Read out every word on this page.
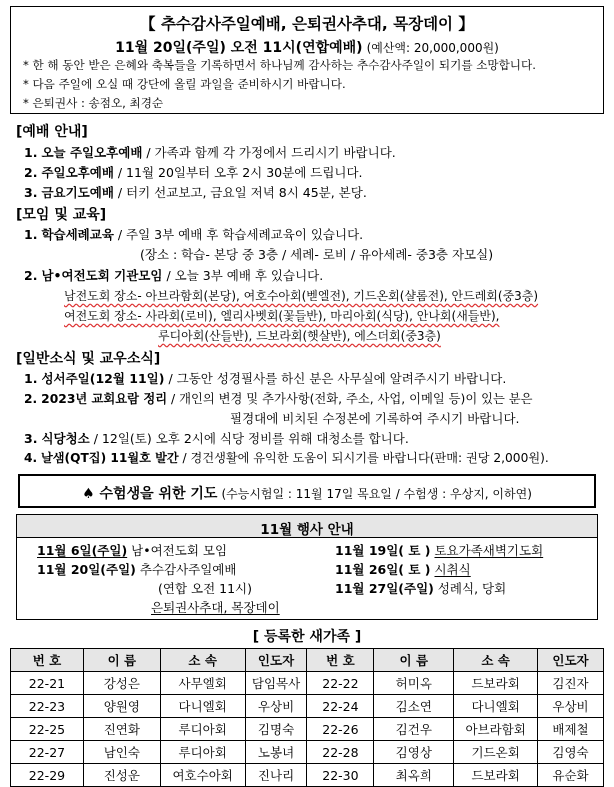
【 추수감사주일예배, 은퇴권사추대, 목장데이 】
11월 20일(주일) 오전 11시(연합예배) (예산액: 20,000,000원)
* 한 해 동안 받은 은혜와 축복들을 기록하면서 하나님께 감사하는 추수감사주일이 되기를 소망합니다.
* 다음 주일에 오실 때 강단에 올릴 과일을 준비하시기 바랍니다.
* 은퇴권사 : 송점오, 최경순
[예배 안내]
1. 오늘 주일오후예배 / 가족과 함께 각 가정에서 드리시기 바랍니다.
2. 주일오후예배 / 11월 20일부터 오후 2시 30분에 드립니다.
3. 금요기도예배 / 터키 선교보고, 금요일 저녁 8시 45분, 본당.
[모임 및 교육]
1. 학습세례교육 / 주일 3부 예배 후 학습세례교육이 있습니다.
(장소 : 학습- 본당 중 3층 / 세례- 로비 / 유아세례- 중3층 자모실)
2. 남•여전도회 기관모임 / 오늘 3부 예배 후 있습니다.
남전도회 장소- 아브라함회(본당), 여호수아회(벧엘전), 기드온회(샬롬전), 안드레회(중3층)
여전도회 장소- 사라회(로비), 엘리사벳회(꽃들반), 마리아회(식당), 안나회(새들반),
루디아회(산들반), 드보라회(햇살반), 에스더회(중3층)
[일반소식 및 교우소식]
1. 성서주일(12월 11일) / 그동안 성경필사를 하신 분은 사무실에 알려주시기 바랍니다.
2. 2023년 교회요람 정리 / 개인의 변경 및 추가사항(전화, 주소, 사업, 이메일 등)이 있는 분은
필경대에 비치된 수정본에 기록하여 주시기 바랍니다.
3. 식당청소 / 12일(토) 오후 2시에 식당 정비를 위해 대청소를 합니다.
4. 날샘(QT집) 11월호 발간 / 경건생활에 유익한 도움이 되시기를 바랍니다(판매: 권당 2,000원).
♠ 수험생을 위한 기도 (수능시험일 : 11월 17일 목요일 / 수험생 : 우상지, 이하연)
11월 행사 안내
11월 6일(주일) 남•여전도회 모임
11월 20일(주일) 추수감사주일예배
(연합 오전 11시)
은퇴권사추대, 목장데이
11월 19일( 토 ) 토요가족새벽기도회
11월 26일( 토 ) 시취식
11월 27일(주일) 성례식, 당회
[ 등록한 새가족 ]
번 호	이 름	소 속	인도자	번 호	이 름	소 속	인도자
22-21	강성은	사무엘회	담임목사	22-22	허미옥	드보라회	김진자
22-23	양원영	다니엘회	우상비	22-24	김소연	다니엘회	우상비
22-25	진연화	루디아회	김명숙	22-26	김건우	아브라함회	배제철
22-27	남인숙	루디아회	노봉녀	22-28	김영상	기드온회	김영숙
22-29	진성운	여호수아회	진나리	22-30	최옥희	드보라회	유순화
